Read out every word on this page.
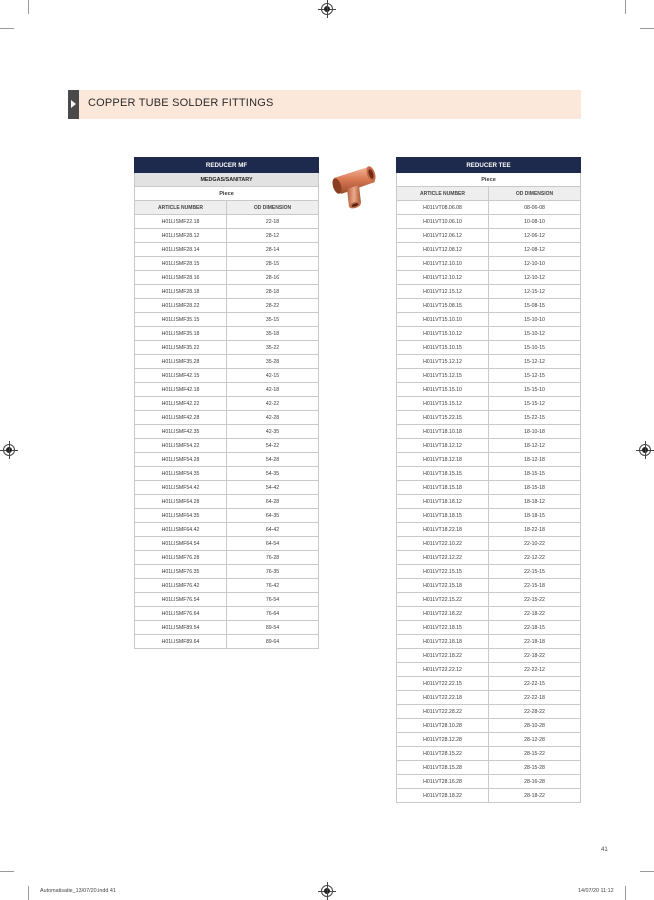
COPPER TUBE SOLDER FITTINGS
REDUCER MF	
MEDGAS/SANITARY	
Piece	
ARTICLE NUMBER	OD DIMENSION
H01LISMF22.18	22-18
H01LISMF28.12	28-12
H01LISMF28.14	28-14
H01LISMF28.15	28-15
H01LISMF28.16	28-16
H01LISMF28.18	28-18
H01LISMF28.22	28-22
H01LISMF35.15	35-15
H01LISMF35.18	35-18
H01LISMF35.22	35-22
H01LISMF35.28	35-28
H01LISMF42.15	42-15
H01LISMF42.18	42-18
H01LISMF42.22	42-22
H01LISMF42.28	42-28
H01LISMF42.35	42-35
H01LISMF54.22	54-22
H01LISMF54.28	54-28
H01LISMF54.35	54-35
H01LISMF54.42	54-42
H01LISMF64.28	64-28
H01LISMF64.35	64-35
H01LISMF64.42	64-42
H01LISMF64.54	64-54
H01LISMF76.28	76-28
H01LISMF76.35	76-35
H01LISMF76.42	76-42
H01LISMF76.54	76-54
H01LISMF76.64	76-64
H01LISMF89.54	89-54
H01LISMF89.64	89-64
REDUCER TEE	
Piece	
ARTICLE NUMBER	OD DIMENSION
H01LVT08.06.08	08-06-08
H01LVT10.06.10	10-08-10
H01LVT12.06.12	12-06-12
H01LVT12.08.12	12-08-12
H01LVT12.10.10	12-10-10
H01LVT12.10.12	12-10-12
H01LVT12.15.12	12-15-12
H01LVT15.08.15	15-08-15
H01LVT15.10.10	15-10-10
H01LVT15.10.12	15-10-12
H01LVT15.10.15	15-10-15
H01LVT15.12.12	15-12-12
H01LVT15.12.15	15-12-15
H01LVT15.15.10	15-15-10
H01LVT15.15.12	15-15-12
H01LVT15.22.15	15-22-15
H01LVT18.10.18	18-10-18
H01LVT18.12.12	18-12-12
H01LVT18.12.18	18-12-18
H01LVT18.15.15	18-15-15
H01LVT18.15.18	18-15-18
H01LVT18.18.12	18-18-12
H01LVT18.18.15	18-18-15
H01LVT18.22.18	18-22-18
H01LVT22.10.22	22-10-22
H01LVT22.12.22	22-12-22
H01LVT22.15.15	22-15-15
H01LVT22.15.18	22-15-18
H01LVT22.15.22	22-15-22
H01LVT22.18.22	22-18-22
H01LVT22.18.15	22-18-15
H01LVT22.18.18	22-18-18
H01LVT22.18.22	22-18-22
H01LVT22.22.12	22-22-12
H01LVT22.22.15	22-22-15
H01LVT22.22.18	22-22-18
H01LVT22.28.22	22-28-22
H01LVT28.10.28	28-10-28
H01LVT28.12.28	28-12-28
H01LVT28.15.22	28-15-22
H01LVT28.15.28	28-15-28
H01LVT28.16.28	28-16-28
H01LVT28.18.22	28-18-22
41
Automatisatie_13/07/20.indd 41	14/07/20 11:12
